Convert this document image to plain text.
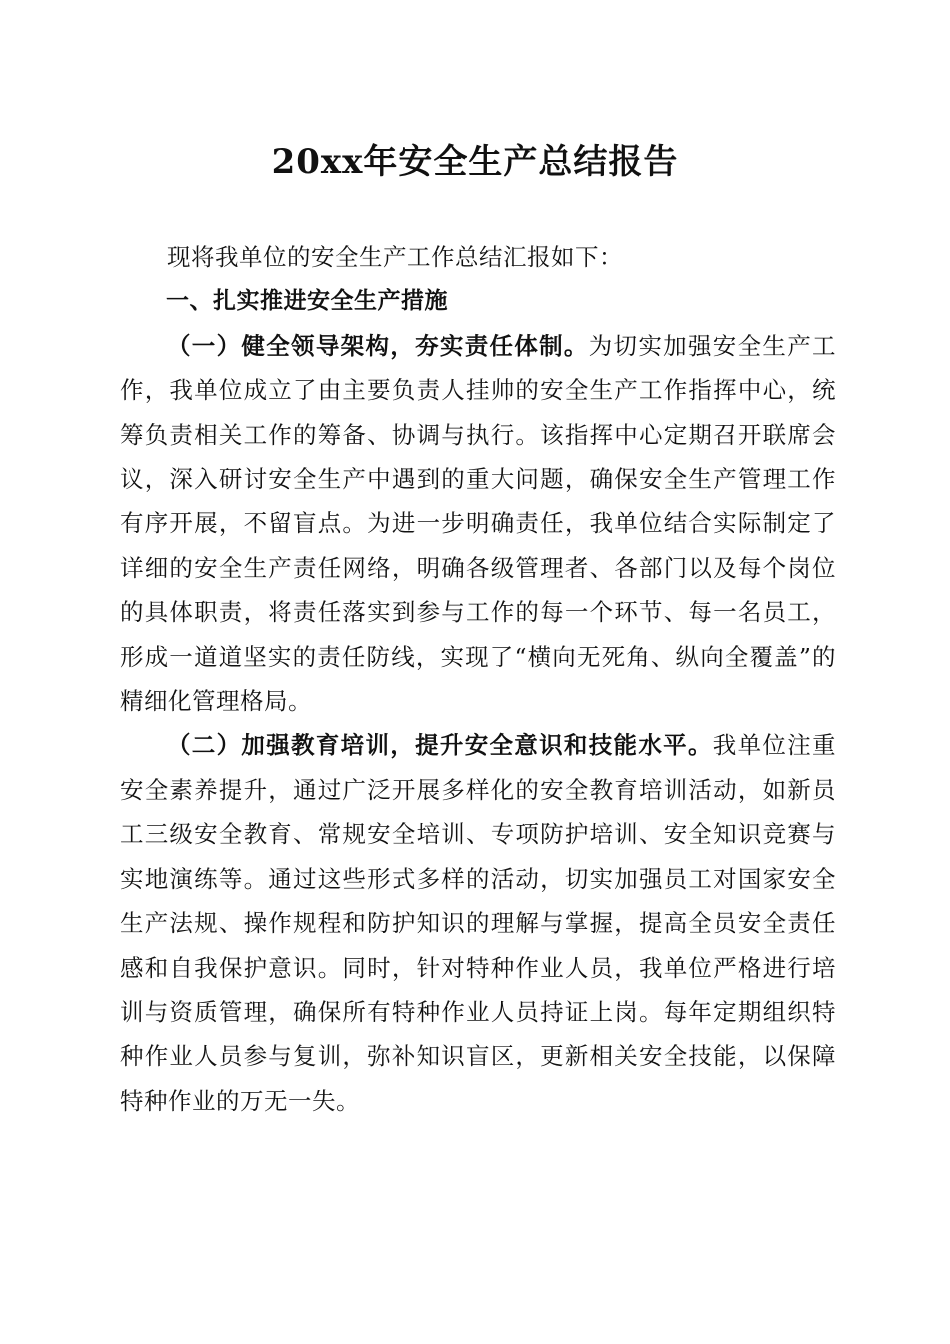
20xx年安全生产总结报告

现将我单位的安全生产工作总结汇报如下：

一、扎实推进安全生产措施

（一）健全领导架构，夯实责任体制。为切实加强安全生产工作，我单位成立了由主要负责人挂帅的安全生产工作指挥中心，统筹负责相关工作的筹备、协调与执行。该指挥中心定期召开联席会议，深入研讨安全生产中遇到的重大问题，确保安全生产管理工作有序开展，不留盲点。为进一步明确责任，我单位结合实际制定了详细的安全生产责任网络，明确各级管理者、各部门以及每个岗位的具体职责，将责任落实到参与工作的每一个环节、每一名员工，形成一道道坚实的责任防线，实现了“横向无死角、纵向全覆盖”的精细化管理格局。

（二）加强教育培训，提升安全意识和技能水平。我单位注重安全素养提升，通过广泛开展多样化的安全教育培训活动，如新员工三级安全教育、常规安全培训、专项防护培训、安全知识竞赛与实地演练等。通过这些形式多样的活动，切实加强员工对国家安全生产法规、操作规程和防护知识的理解与掌握，提高全员安全责任感和自我保护意识。同时，针对特种作业人员，我单位严格进行培训与资质管理，确保所有特种作业人员持证上岗。每年定期组织特种作业人员参与复训，弥补知识盲区，更新相关安全技能，以保障特种作业的万无一失。
